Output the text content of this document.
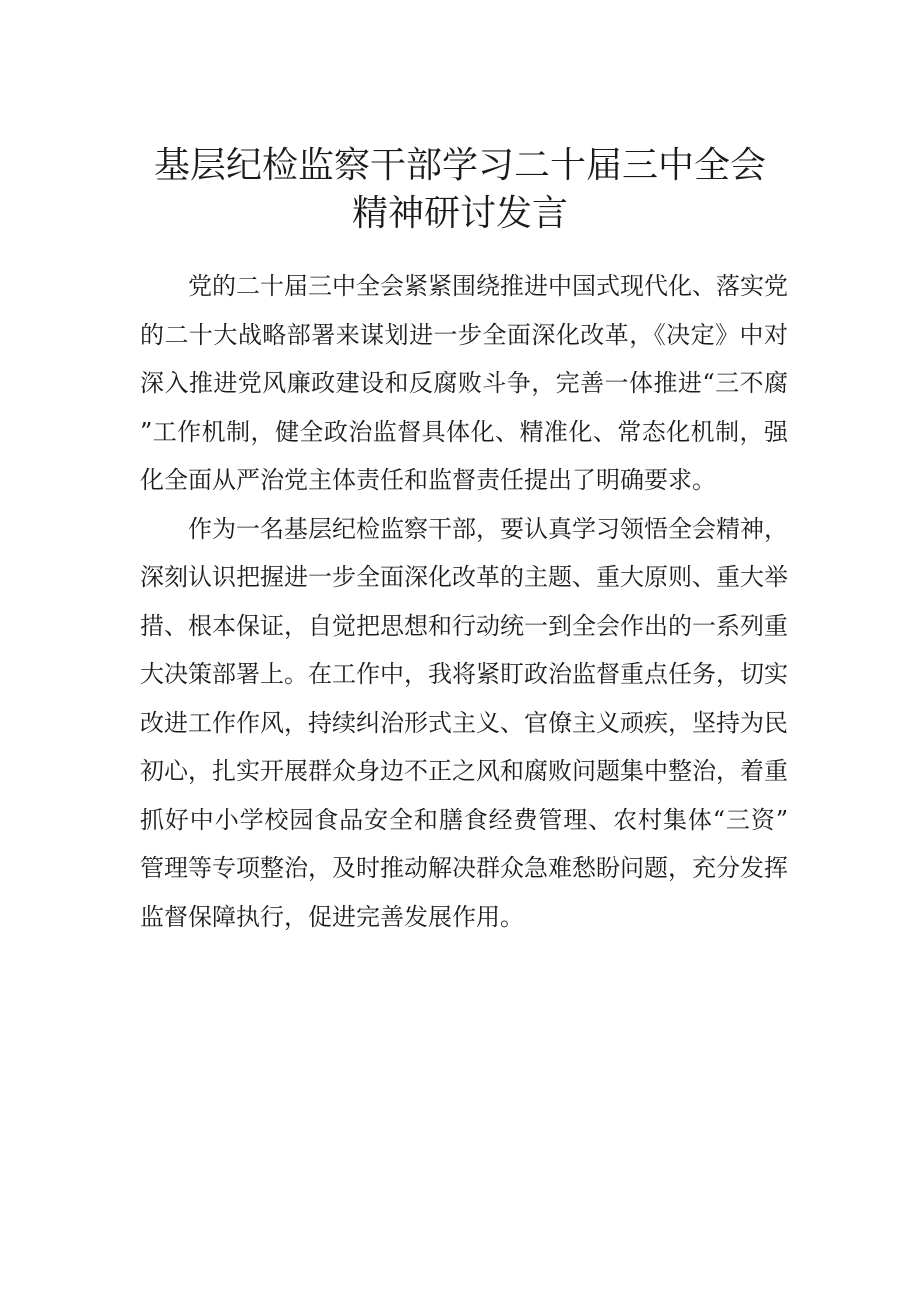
基层纪检监察干部学习二十届三中全会精神研讨发言

党的二十届三中全会紧紧围绕推进中国式现代化、落实党的二十大战略部署来谋划进一步全面深化改革，《决定》中对深入推进党风廉政建设和反腐败斗争，完善一体推进“三不腐”工作机制，健全政治监督具体化、精准化、常态化机制，强化全面从严治党主体责任和监督责任提出了明确要求。

作为一名基层纪检监察干部，要认真学习领悟全会精神，深刻认识把握进一步全面深化改革的主题、重大原则、重大举措、根本保证，自觉把思想和行动统一到全会作出的一系列重大决策部署上。在工作中，我将紧盯政治监督重点任务，切实改进工作作风，持续纠治形式主义、官僚主义顽疾，坚持为民初心，扎实开展群众身边不正之风和腐败问题集中整治，着重抓好中小学校园食品安全和膳食经费管理、农村集体“三资”管理等专项整治，及时推动解决群众急难愁盼问题，充分发挥监督保障执行，促进完善发展作用。
